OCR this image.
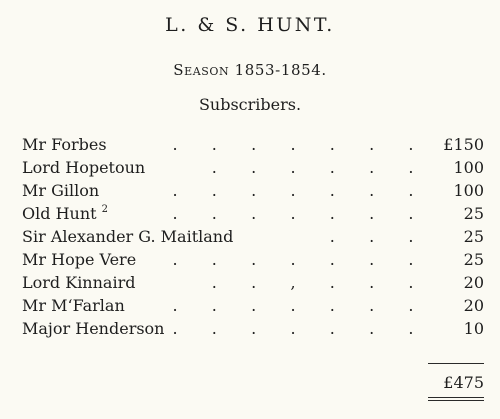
L. & S. HUNT.
Season 1853-1854.
Subscribers.
Mr Forbes	. . . . . . . £150
Lord Hopetoun	. . . . . . 100
Mr Gillon	. . . . . . . 100
Old Hunt $^2$	. . . . . . .	25
Sir Alexander G. Maitland	. . .	25
Mr Hope Vere . . . . . . .	25
Lord Kinnaird	. . , . . .	20
Mr M‘Farlan	. . . . . . .	20
Major Henderson . . . . . . .	10
£475
